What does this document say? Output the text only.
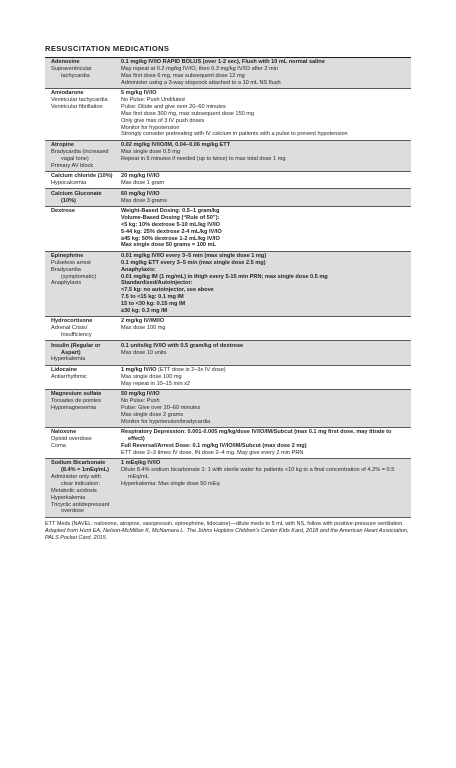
RESUSCITATION MEDICATIONS
Adenosine
Supraventricular
tachycardia
0.1 mg/kg IV/IO RAPID BOLUS (over 1-2 sec), Flush with 10 mL normal saline
May repeat at 0.2 mg/kg IV/IO, then 0.3 mg/kg IV/IO after 2 min
Max first dose 6 mg, max subsequent dose 12 mg
Administer using a 3-way stopcock attached to a 10 mL NS flush
Amiodarone
Ventricular tachycardia
Ventricular fibrillation
5 mg/kg IV/IO
No Pulse: Push Undiluted
Pulse: Dilute and give over 20–60 minutes
Max first dose 300 mg, max subsequent dose 150 mg
Only give max of 3 IV push doses
Monitor for hypotension
Strongly consider pretreating with IV calcium in patients with a pulse to prevent hypotension
Atropine
Bradycardia (increased
vagal tone)
Primary AV block
0.02 mg/kg IV/IO/IM, 0.04–0.06 mg/kg ETT
Max single dose 0.5 mg
Repeat in 5 minutes if needed (up to twice) to max total dose 1 mg
Calcium chloride (10%)
Hypocalcemia
20 mg/kg IV/IO
Max dose 1 gram
Calcium Gluconate
(10%)
60 mg/kg IV/IO
Max dose 3 grams
Dextrose	Weight-Based Dosing: 0.5–1 gram/kg
Volume-Based Dosing (“Rule of 50”):
<5 kg: 10% dextrose 5-10 mL/kg IV/IO
5-44 kg: 25% dextrose 2-4 mL/kg IV/IO
≥45 kg: 50% dextrose 1-2 mL/kg IV/IO
Max single dose 50 grams = 100 mL
Epinephrine
Pulseless arrest
Bradycardia
(symptomatic)
Anaphylaxis
0.01 mg/kg IV/IO every 3–5 min (max single dose 1 mg)
0.1 mg/kg ETT every 3–5 min (max single dose 2.5 mg)
Anaphylaxis:
0.01 mg/kg IM (1 mg/mL) in thigh every 5-15 min PRN; max single dose 0.5 mg
Standardized/Autoinjector:
<7.5 kg: no autoinjector, see above
7.5 to <15 kg: 0.1 mg IM
15 to <30 kg: 0.15 mg IM
≥30 kg: 0.3 mg IM
Hydrocortisone
Adrenal Crisis/
Insufficiency
2 mg/kg IV/IM/IO
Max dose 100 mg
Insulin (Regular or
Aspart)
Hyperkalemia
0.1 units/kg IV/IO with 0.5 gram/kg of dextrose
Max dose 10 units
Lidocaine
Antiarrhythmic
1 mg/kg IV/IO (ETT dose is 2–3x IV dose)
Max single dose 100 mg
May repeat in 10–15 min x2
Magnesium sulfate
Torsades de pointes
Hypomagnesemia
50 mg/kg IV/IO
No Pulse: Push
Pulse: Give over 20–60 minutes
Max single dose 2 grams
Monitor for hypotension/bradycardia
Naloxone
Opioid overdose
Coma
Respiratory Depression: 0.001-0.005 mg/kg/dose IV/IO/IM/Subcut (max 0.1 mg first dose, may titrate to effect)
Full Reversal/Arrest Dose: 0.1 mg/kg IV/IO/IM/Subcut (max dose 2 mg)
ETT dose 2–3 times IV dose, IN dose 2–4 mg. May give every 2 min PRN
Sodium Bicarbonate
(8.4% = 1mEq/mL)
Administer only with
clear indication:
Metabolic acidosis
Hyperkalemia
Tricyclic antidepressant
overdose
1 mEq/kg IV/IO
Dilute 8.4% sodium bicarbonate 1: 1 with sterile water for patients <10 kg to a final concentration of 4.2% = 0.5 mEq/mL
Hyperkalemia: Max single dose 50 mEq
ETT Meds (NAVEL: naloxone, atropine, vasopressin, epinephrine, lidocaine)—dilute meds to 5 mL with NS, follow with positive-pressure ventilation.
Adapted from Hunt EA, Nelson-McMillan K, McNamara L. The Johns Hopkins Children’s Center Kids Kard, 2018 and the American Heart Association, PALS Pocket Card, 2015.
